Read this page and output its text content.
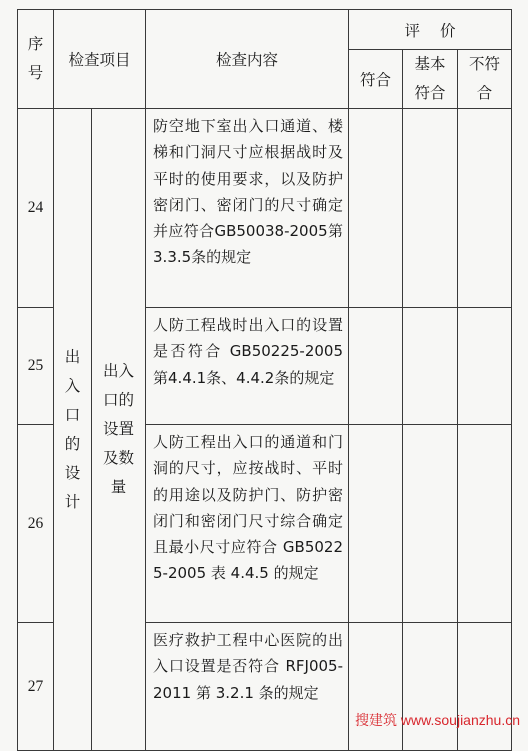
序号	检查项目		检查内容	评价		
				符合	基本符合	不符合
24	出入口的设计	出入口的设置及数量	防空地下室出入口通道、楼梯和门洞尺寸应根据战时及平时的使用要求，以及防护密闭门、密闭门的尺寸确定并应符合GB50038-2005第3.3.5条的规定			
25			人防工程战时出入口的设置是否符合 GB50225-2005 第4.4.1条、4.4.2条的规定			
26			人防工程出入口的通道和门洞的尺寸，应按战时、平时的用途以及防护门、防护密闭门和密闭门尺寸综合确定且最小尺寸应符合 GB50225-2005 表 4.4.5 的规定			
27			医疗救护工程中心医院的出入口设置是否符合 RFJ005-2011 第 3.2.1 条的规定			
搜建筑 www.soujianzhu.cn
